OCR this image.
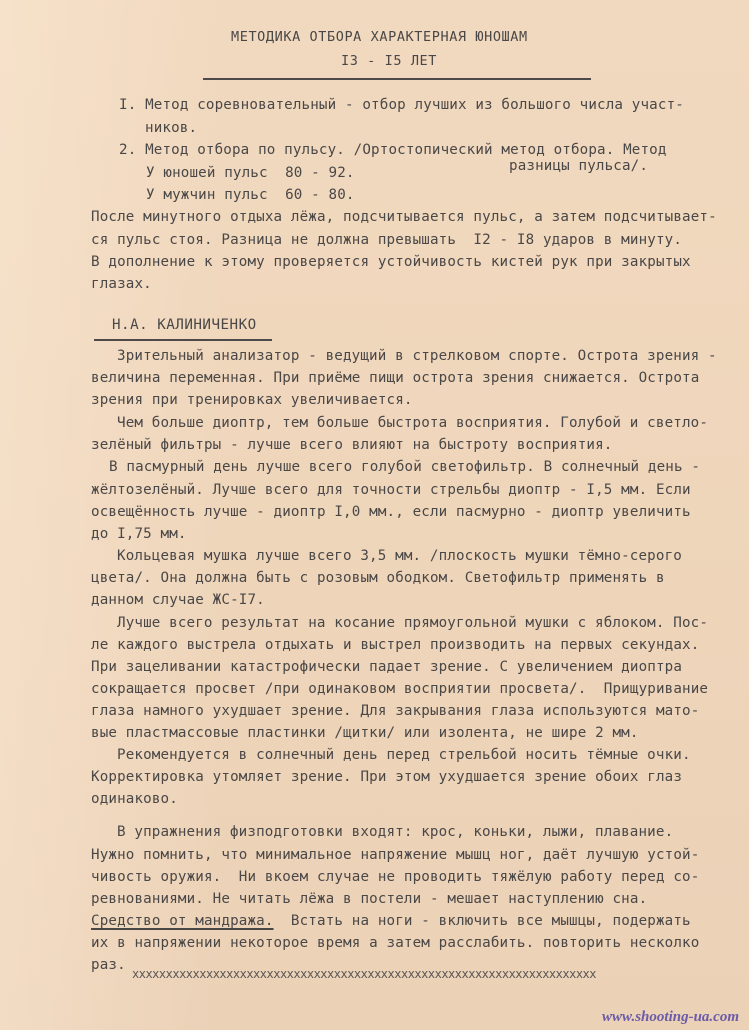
МЕТОДИКА ОТБОРА ХАРАКТЕРНАЯ ЮНОШАМ

I3 - I5 ЛЕТ

I. Метод соревновательный - отбор лучших из большого числа участ-

ников.

2. Метод отбора по пульсу. /Ортостопический метод отбора. Метод

разницы пульса/.

У юношей пульс  80 - 92.

У мужчин пульс  60 - 80.

После минутного отдыха лёжа, подсчитывается пульс, а затем подсчитывает-

ся пульс стоя. Разница не должна превышать  I2 - I8 ударов в минуту.

В дополнение к этому проверяется устойчивость кистей рук при закрытых

глазах.

Н.А. КАЛИНИЧЕНКО

Зрительный анализатор - ведущий в стрелковом спорте. Острота зрения -

величина переменная. При приёме пищи острота зрения снижается. Острота

зрения при тренировках увеличивается.

Чем больше диоптр, тем больше быстрота восприятия. Голубой и светло-

зелёный фильтры - лучше всего влияют на быстроту восприятия.

В пасмурный день лучше всего голубой светофильтр. В солнечный день -

жёлтозелёный. Лучше всего для точности стрельбы диоптр - I,5 мм. Если

освещённость лучше - диоптр I,0 мм., если пасмурно - диоптр увеличить

до I,75 мм.

Кольцевая мушка лучше всего 3,5 мм. /плоскость мушки тёмно-серого

цвета/. Она должна быть с розовым ободком. Светофильтр применять в

данном случае ЖС-I7.

Лучше всего результат на косание прямоугольной мушки с яблоком. Пос-

ле каждого выстрела отдыхать и выстрел производить на первых секундах.

При зацеливании катастрофически падает зрение. С увеличением диоптра

сокращается просвет /при одинаковом восприятии просвета/.  Прищуривание

глаза намного ухудшает зрение. Для закрывания глаза используются мато-

вые пластмассовые пластинки /щитки/ или изолента, не шире 2 мм.

Рекомендуется в солнечный день перед стрельбой носить тёмные очки.

Корректировка утомляет зрение. При этом ухудшается зрение обоих глаз

одинаково.

В упражнения физподготовки входят: крос, коньки, лыжи, плавание.

Нужно помнить, что минимальное напряжение мышц ног, даёт лучшую устой-

чивость оружия.  Ни вкоем случае не проводить тяжёлую работу перед со-

ревнованиями. Не читать лёжа в постели - мешает наступлению сна.

Средство от мандража. Встать на ноги - включить все мышцы, подержать

их в напряжении некоторое время а затем расслабить. повторить несколко

раз.

ххххххххххххххххххххххххххххххххххххххххххххххххххххххххххххххххххххх
www.shooting-ua.com
